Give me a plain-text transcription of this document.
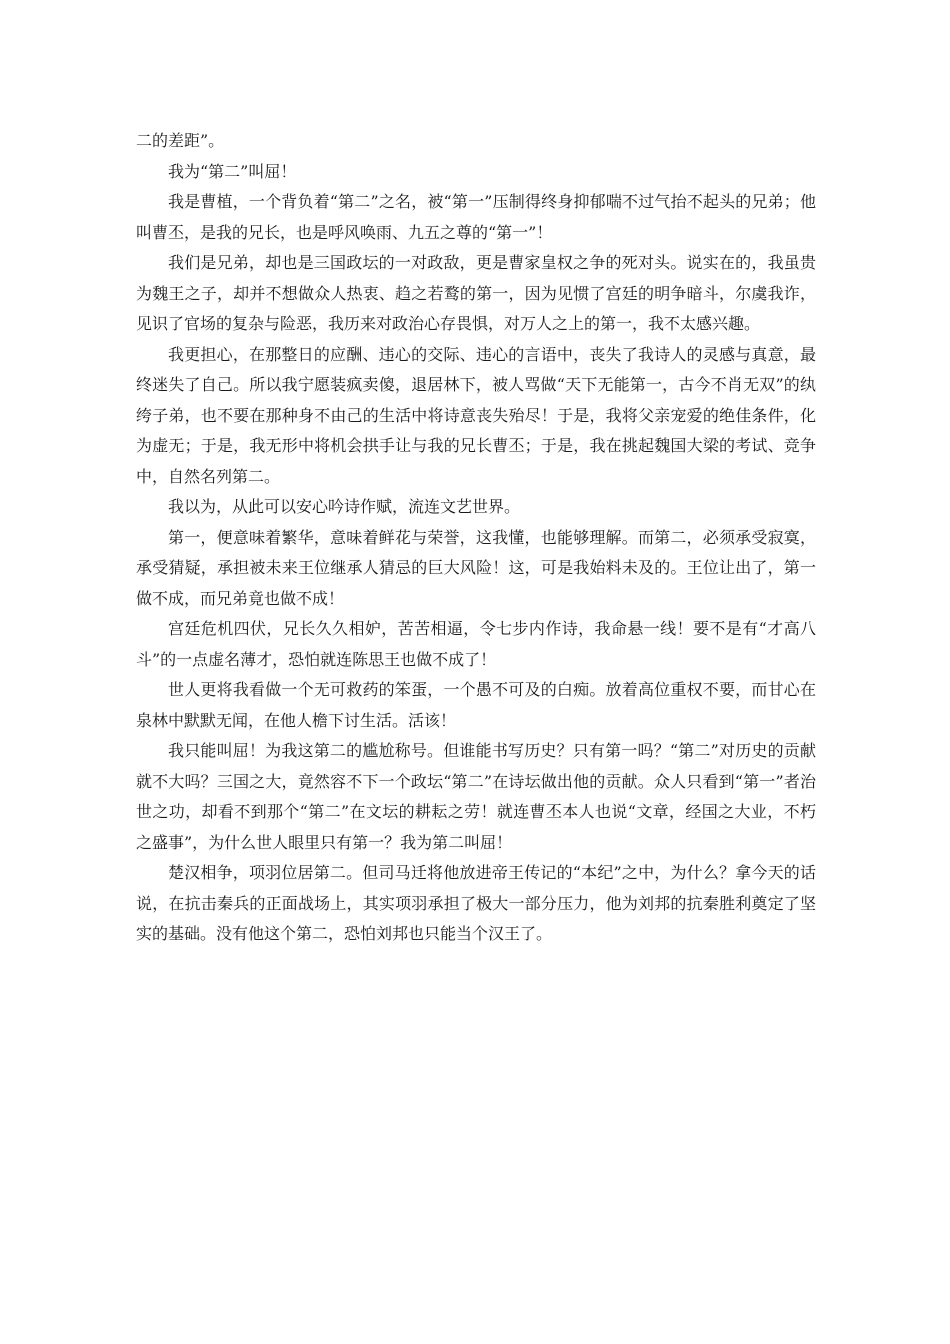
二的差距”。

我为“第二”叫屈！

我是曹植，一个背负着“第二”之名，被“第一”压制得终身抑郁喘不过气抬不起头的兄弟；他叫曹丕，是我的兄长，也是呼风唤雨、九五之尊的“第一”！

我们是兄弟，却也是三国政坛的一对政敌，更是曹家皇权之争的死对头。说实在的，我虽贵为魏王之子，却并不想做众人热衷、趋之若鹜的第一，因为见惯了宫廷的明争暗斗，尔虞我诈，见识了官场的复杂与险恶，我历来对政治心存畏惧，对万人之上的第一，我不太感兴趣。

我更担心，在那整日的应酬、违心的交际、违心的言语中，丧失了我诗人的灵感与真意，最终迷失了自己。所以我宁愿装疯卖傻，退居林下，被人骂做“天下无能第一，古今不肖无双”的纨绔子弟，也不要在那种身不由己的生活中将诗意丧失殆尽！于是，我将父亲宠爱的绝佳条件，化为虚无；于是，我无形中将机会拱手让与我的兄长曹丕；于是，我在挑起魏国大梁的考试、竞争中，自然名列第二。

我以为，从此可以安心吟诗作赋，流连文艺世界。

第一，便意味着繁华，意味着鲜花与荣誉，这我懂，也能够理解。而第二，必须承受寂寞，承受猜疑，承担被未来王位继承人猜忌的巨大风险！这，可是我始料未及的。王位让出了，第一做不成，而兄弟竟也做不成！

宫廷危机四伏，兄长久久相妒，苦苦相逼，令七步内作诗，我命悬一线！要不是有“才高八斗”的一点虚名薄才，恐怕就连陈思王也做不成了！

世人更将我看做一个无可救药的笨蛋，一个愚不可及的白痴。放着高位重权不要，而甘心在泉林中默默无闻，在他人檐下讨生活。活该！

我只能叫屈！为我这第二的尴尬称号。但谁能书写历史？只有第一吗？“第二”对历史的贡献就不大吗？三国之大，竟然容不下一个政坛“第二”在诗坛做出他的贡献。众人只看到“第一”者治世之功，却看不到那个“第二”在文坛的耕耘之劳！就连曹丕本人也说“文章，经国之大业，不朽之盛事”，为什么世人眼里只有第一？我为第二叫屈！

楚汉相争，项羽位居第二。但司马迁将他放进帝王传记的“本纪”之中，为什么？拿今天的话说，在抗击秦兵的正面战场上，其实项羽承担了极大一部分压力，他为刘邦的抗秦胜利奠定了坚实的基础。没有他这个第二，恐怕刘邦也只能当个汉王了。
